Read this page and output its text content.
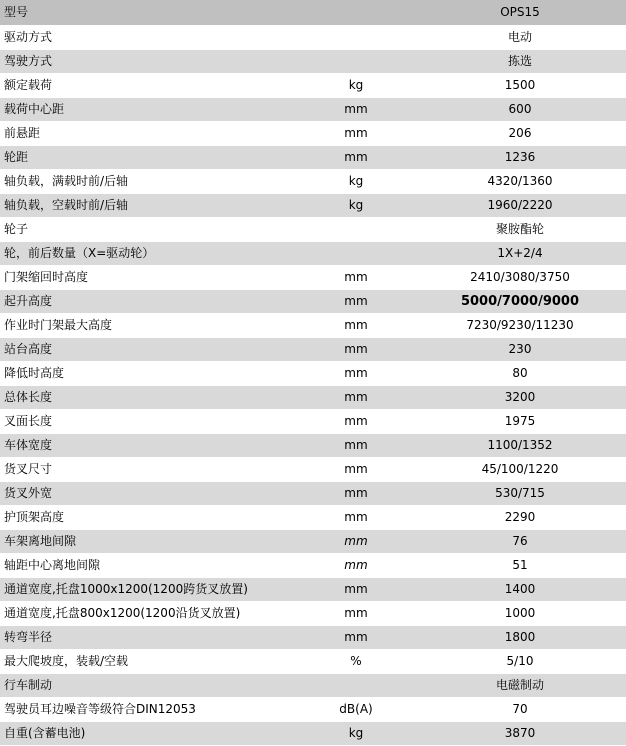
型号		OPS15
驱动方式		电动
驾驶方式		拣选
额定载荷	kg	1500
载荷中心距	mm	600
前悬距	mm	206
轮距	mm	1236
轴负载，满载时前/后轴	kg	4320/1360
轴负载，空载时前/后轴	kg	1960/2220
轮子		聚胺酯轮
轮，前后数量（X=驱动轮）		1X+2/4
门架缩回时高度	mm	2410/3080/3750
起升高度	mm	5000/7000/9000
作业时门架最大高度	mm	7230/9230/11230
站台高度	mm	230
降低时高度	mm	80
总体长度	mm	3200
叉面长度	mm	1975
车体宽度	mm	1100/1352
货叉尺寸	mm	45/100/1220
货叉外宽	mm	530/715
护顶架高度	mm	2290
车架离地间隙	mm	76
轴距中心离地间隙	mm	51
通道宽度,托盘1000x1200(1200跨货叉放置)	mm	1400
通道宽度,托盘800x1200(1200沿货叉放置)	mm	1000
转弯半径	mm	1800
最大爬坡度，装载/空载	%	5/10
行车制动		电磁制动
驾驶员耳边噪音等级符合DIN12053	dB(A)	70
自重(含蓄电池)	kg	3870
